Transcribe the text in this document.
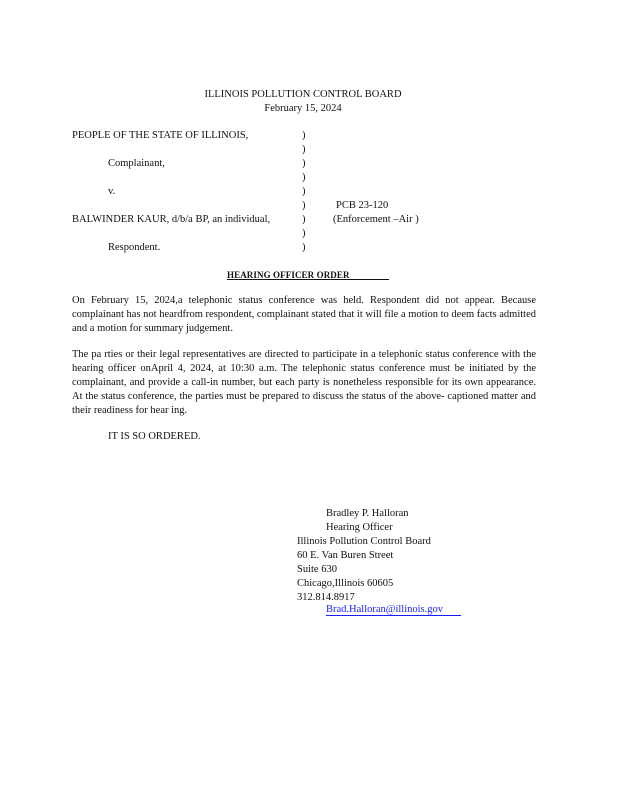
ILLINOIS POLLUTION CONTROL BOARD
February 15, 2024
PEOPLE OF THE STATE OF ILLINOIS,
Complainant,
v.
BALWINDER KAUR, d/b/a BP, an individual,
Respondent.
)
)
)
)
)
)
)
)
)
PCB 23-120
(Enforcement –Air )
HEARING OFFICER ORDER
On February 15, 2024,a telephonic status conference was held. Respondent did not appear. Because complainant has not heardfrom respondent, complainant stated that it will file a motion to deem facts admitted and a motion for summary judgement.
The pa rties or their legal representatives are directed to participate in a telephonic status conference with the hearing officer onApril 4, 2024, at 10:30 a.m. The telephonic status conference must be initiated by the complainant, and provide a call-in number, but each party is nonetheless responsible for its own appearance. At the status conference, the parties must be prepared to discuss the status of the above- captioned matter and their readiness for hear ing.
IT IS SO ORDERED.
Bradley P. Halloran
Hearing Officer
Illinois Pollution Control Board
60 E. Van Buren Street
Suite 630
Chicago,Illinois 60605
312.814.8917
Brad.Halloran@illinois.gov
